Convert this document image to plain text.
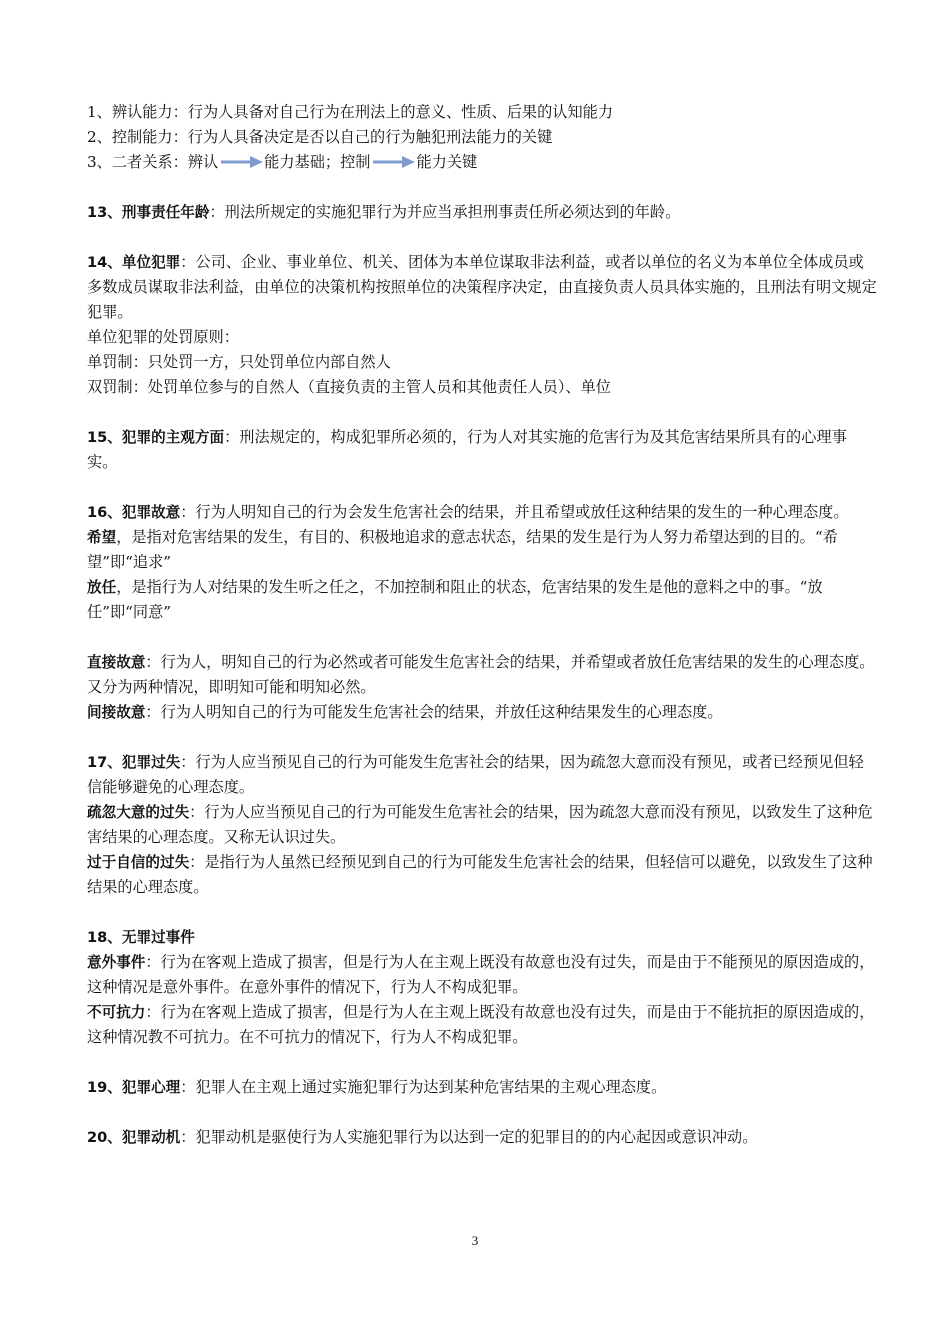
1、辨认能力：行为人具备对自己行为在刑法上的意义、性质、后果的认知能力

2、控制能力：行为人具备决定是否以自己的行为触犯刑法能力的关键

3、二者关系：辨认	能力基础；控制	能力关键

13、刑事责任年龄：刑法所规定的实施犯罪行为并应当承担刑事责任所必须达到的年龄。

14、单位犯罪：公司、企业、事业单位、机关、团体为本单位谋取非法利益，或者以单位的名义为本单位全体成员或多数成员谋取非法利益，由单位的决策机构按照单位的决策程序决定，由直接负责人员具体实施的，且刑法有明文规定犯罪。

单位犯罪的处罚原则：

单罚制：只处罚一方，只处罚单位内部自然人

双罚制：处罚单位参与的自然人（直接负责的主管人员和其他责任人员）、单位

15、犯罪的主观方面：刑法规定的，构成犯罪所必须的，行为人对其实施的危害行为及其危害结果所具有的心理事实。

16、犯罪故意：行为人明知自己的行为会发生危害社会的结果，并且希望或放任这种结果的发生的一种心理态度。

希望，是指对危害结果的发生，有目的、积极地追求的意志状态，结果的发生是行为人努力希望达到的目的。“希望”即“追求”

放任，是指行为人对结果的发生听之任之，不加控制和阻止的状态，危害结果的发生是他的意料之中的事。“放任”即“同意”

直接故意：行为人，明知自己的行为必然或者可能发生危害社会的结果，并希望或者放任危害结果的发生的心理态度。又分为两种情况，即明知可能和明知必然。

间接故意：行为人明知自己的行为可能发生危害社会的结果，并放任这种结果发生的心理态度。

17、犯罪过失：行为人应当预见自己的行为可能发生危害社会的结果，因为疏忽大意而没有预见，或者已经预见但轻信能够避免的心理态度。

疏忽大意的过失：行为人应当预见自己的行为可能发生危害社会的结果，因为疏忽大意而没有预见，以致发生了这种危害结果的心理态度。又称无认识过失。

过于自信的过失：是指行为人虽然已经预见到自己的行为可能发生危害社会的结果，但轻信可以避免，以致发生了这种结果的心理态度。

18、无罪过事件

意外事件：行为在客观上造成了损害，但是行为人在主观上既没有故意也没有过失，而是由于不能预见的原因造成的，这种情况是意外事件。在意外事件的情况下，行为人不构成犯罪。

不可抗力：行为在客观上造成了损害，但是行为人在主观上既没有故意也没有过失，而是由于不能抗拒的原因造成的，这种情况教不可抗力。在不可抗力的情况下，行为人不构成犯罪。

19、犯罪心理：犯罪人在主观上通过实施犯罪行为达到某种危害结果的主观心理态度。

20、犯罪动机：犯罪动机是驱使行为人实施犯罪行为以达到一定的犯罪目的的内心起因或意识冲动。

3
